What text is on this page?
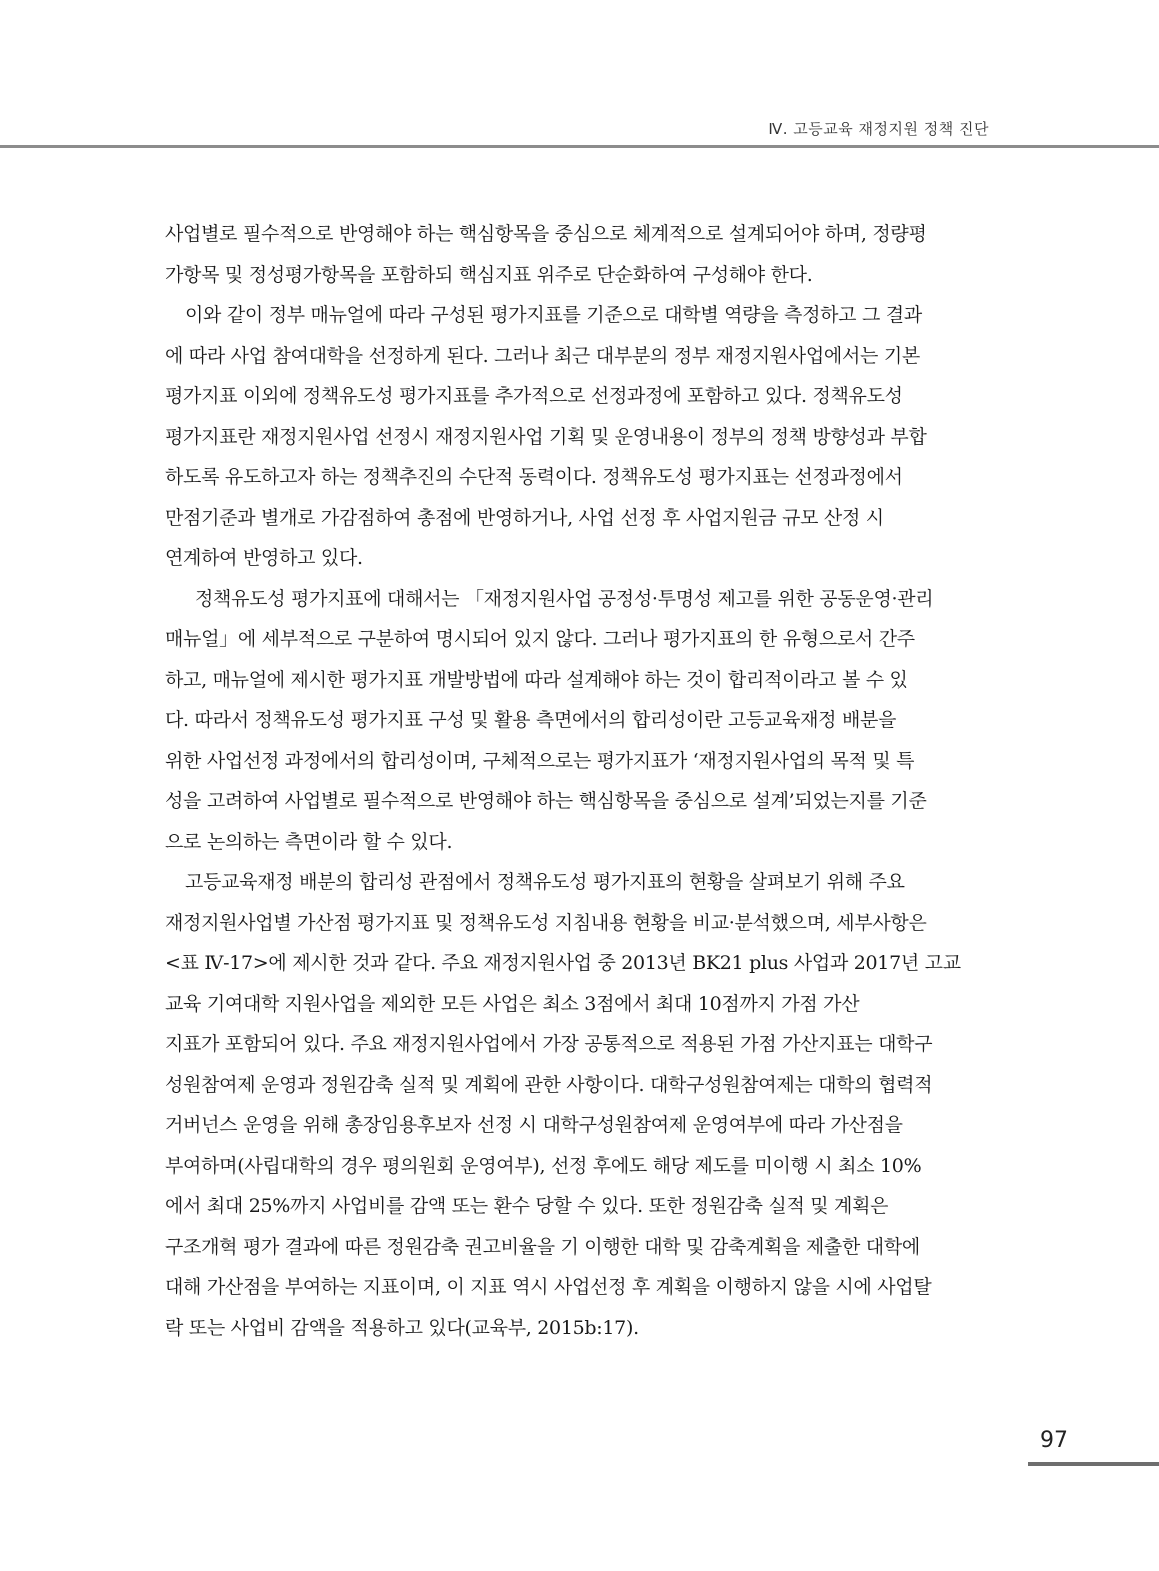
Ⅳ. 고등교육 재정지원 정책 진단
사업별로 필수적으로 반영해야 하는 핵심항목을 중심으로 체계적으로 설계되어야 하며, 정량평
가항목 및 정성평가항목을 포함하되 핵심지표 위주로 단순화하여 구성해야 한다.
이와 같이 정부 매뉴얼에 따라 구성된 평가지표를 기준으로 대학별 역량을 측정하고 그 결과
에 따라 사업 참여대학을 선정하게 된다. 그러나 최근 대부분의 정부 재정지원사업에서는 기본
평가지표 이외에 정책유도성 평가지표를 추가적으로 선정과정에 포함하고 있다. 정책유도성
평가지표란 재정지원사업 선정시 재정지원사업 기획 및 운영내용이 정부의 정책 방향성과 부합
하도록 유도하고자 하는 정책추진의 수단적 동력이다. 정책유도성 평가지표는 선정과정에서
만점기준과 별개로 가감점하여 총점에 반영하거나, 사업 선정 후 사업지원금 규모 산정 시
연계하여 반영하고 있다.
정책유도성 평가지표에 대해서는 「재정지원사업 공정성·투명성 제고를 위한 공동운영·관리
매뉴얼」에 세부적으로 구분하여 명시되어 있지 않다. 그러나 평가지표의 한 유형으로서 간주
하고, 매뉴얼에 제시한 평가지표 개발방법에 따라 설계해야 하는 것이 합리적이라고 볼 수 있
다. 따라서 정책유도성 평가지표 구성 및 활용 측면에서의 합리성이란 고등교육재정 배분을
위한 사업선정 과정에서의 합리성이며, 구체적으로는 평가지표가 ‘재정지원사업의 목적 및 특
성을 고려하여 사업별로 필수적으로 반영해야 하는 핵심항목을 중심으로 설계’되었는지를 기준
으로 논의하는 측면이라 할 수 있다.
고등교육재정 배분의 합리성 관점에서 정책유도성 평가지표의 현황을 살펴보기 위해 주요
재정지원사업별 가산점 평가지표 및 정책유도성 지침내용 현황을 비교·분석했으며, 세부사항은
<표 Ⅳ-17>에 제시한 것과 같다. 주요 재정지원사업 중 2013년 BK21 plus 사업과 2017년 고교
교육 기여대학 지원사업을 제외한 모든 사업은 최소 3점에서 최대 10점까지 가점 가산
지표가 포함되어 있다. 주요 재정지원사업에서 가장 공통적으로 적용된 가점 가산지표는 대학구
성원참여제 운영과 정원감축 실적 및 계획에 관한 사항이다. 대학구성원참여제는 대학의 협력적
거버넌스 운영을 위해 총장임용후보자 선정 시 대학구성원참여제 운영여부에 따라 가산점을
부여하며(사립대학의 경우 평의원회 운영여부), 선정 후에도 해당 제도를 미이행 시 최소 10%
에서 최대 25%까지 사업비를 감액 또는 환수 당할 수 있다. 또한 정원감축 실적 및 계획은
구조개혁 평가 결과에 따른 정원감축 권고비율을 기 이행한 대학 및 감축계획을 제출한 대학에
대해 가산점을 부여하는 지표이며, 이 지표 역시 사업선정 후 계획을 이행하지 않을 시에 사업탈
락 또는 사업비 감액을 적용하고 있다(교육부, 2015b:17).
97
